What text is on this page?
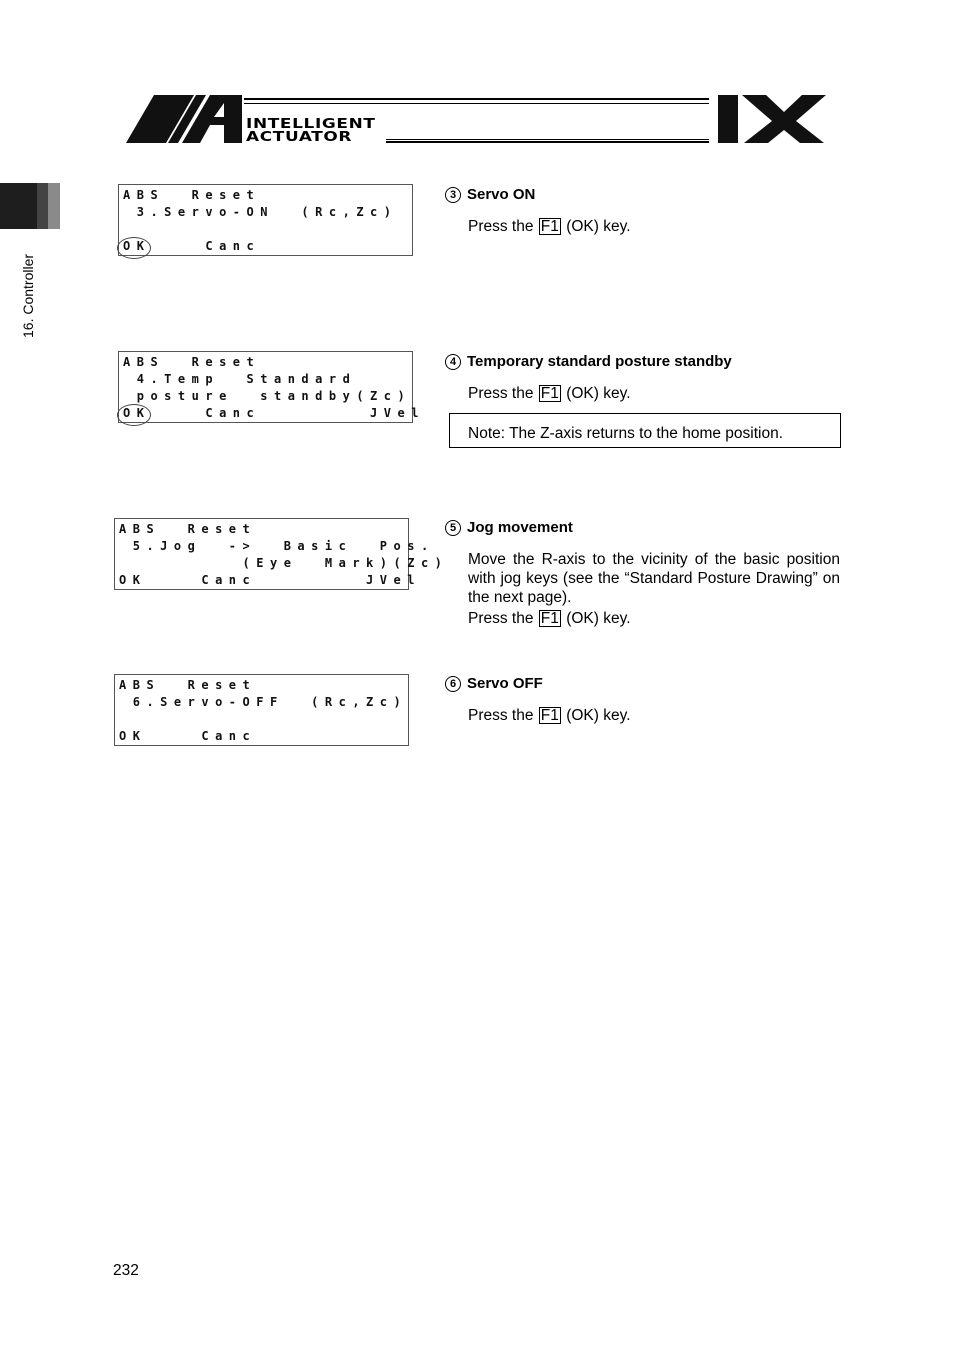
INTELLIGENT
ACTUATOR
16. Controller
ABS  Reset
3.Servo-ON  (Rc,Zc)
OK    Canc
ABS  Reset
4.Temp  Standard
posture  standby(Zc)
OK    Canc        JVel
ABS  Reset
5.Jog  ->  Basic  Pos.
(Eye  Mark)(Zc)
OK    Canc        JVel
ABS  Reset
6.Servo-OFF  (Rc,Zc)
OK    Canc
3 Servo ON
Press the F1 (OK) key.
4 Temporary standard posture standby
Press the F1 (OK) key.
Note: The Z-axis returns to the home position.
5 Jog movement
Move the R-axis to the vicinity of the basic position with jog keys (see the “Standard Posture Drawing” on the next page).
Press the F1 (OK) key.
6 Servo OFF
Press the F1 (OK) key.
232
